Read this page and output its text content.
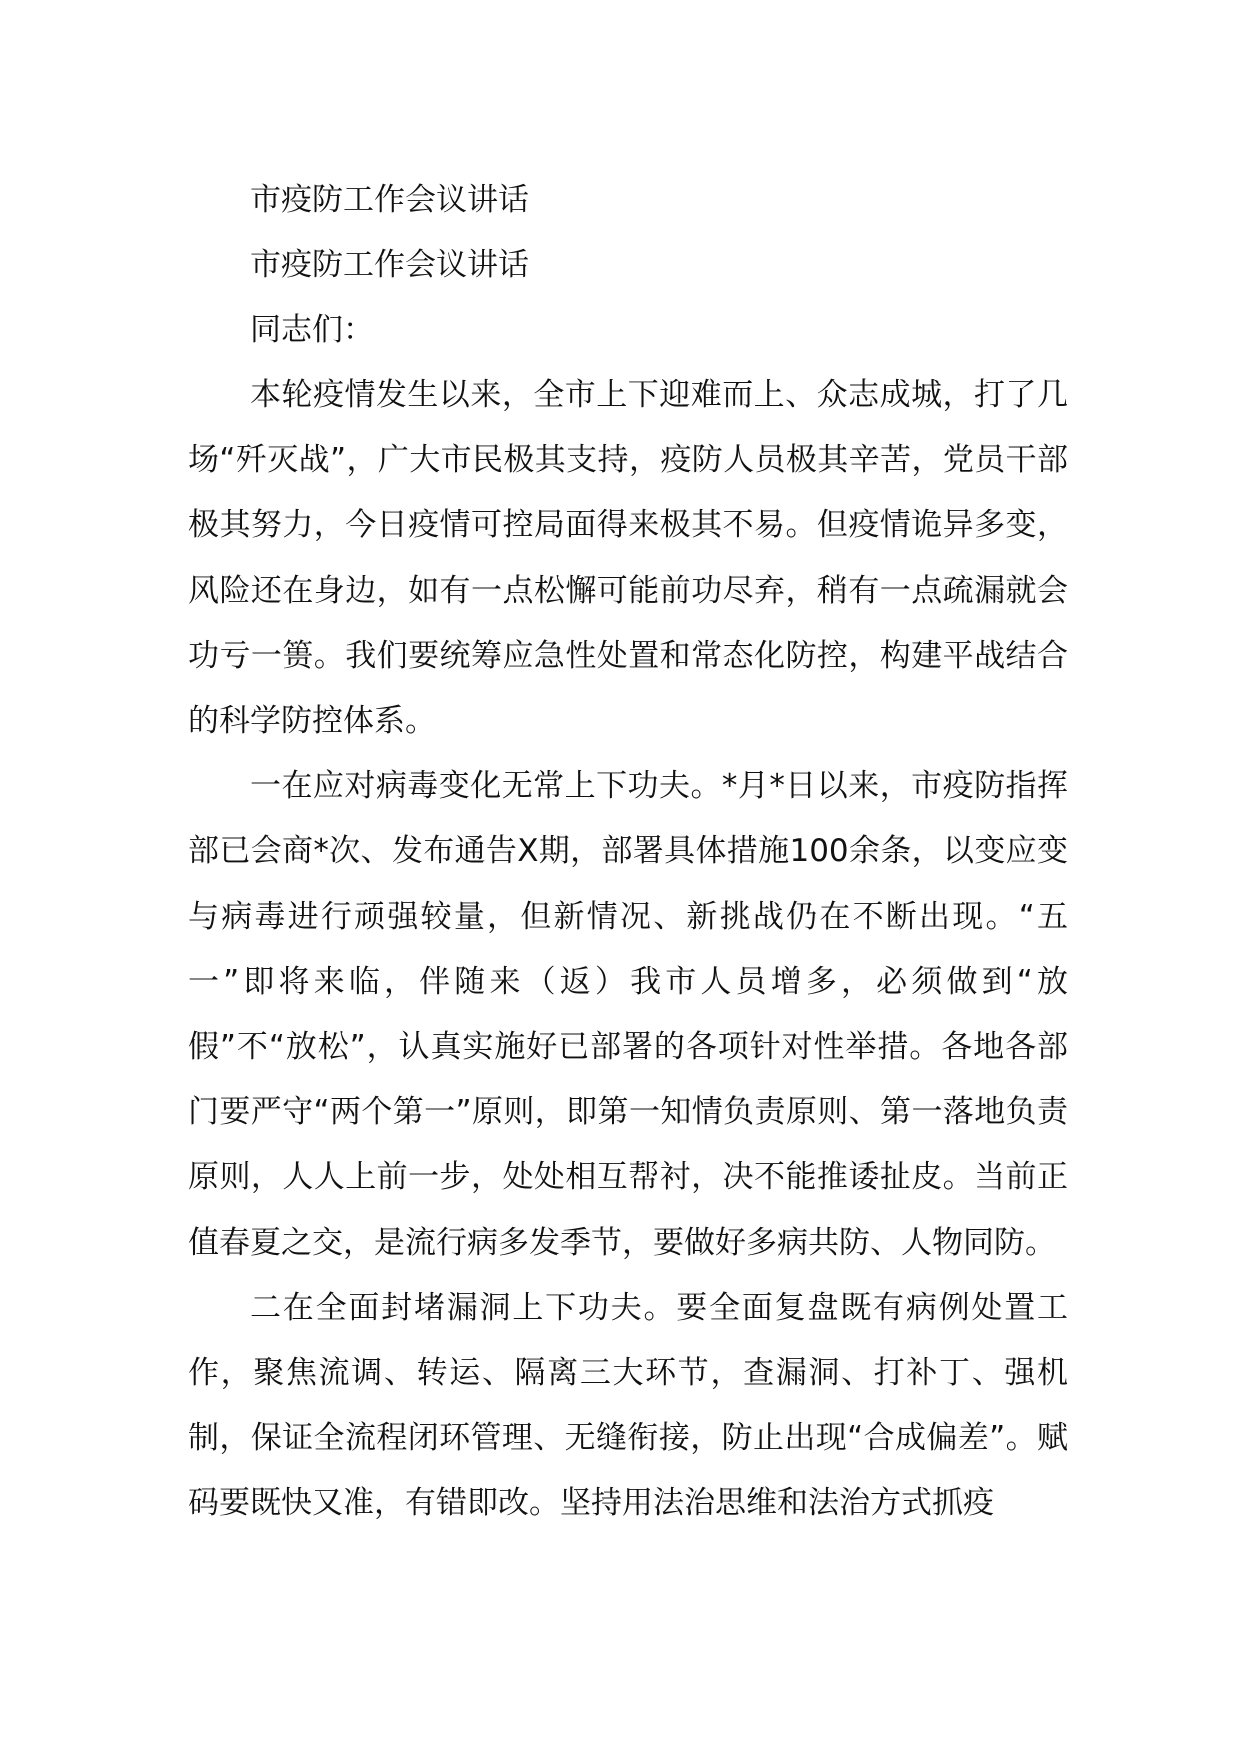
市疫防工作会议讲话

市疫防工作会议讲话

同志们：

本轮疫情发生以来，全市上下迎难而上、众志成城，打了几场“歼灭战”，广大市民极其支持，疫防人员极其辛苦，党员干部极其努力，今日疫情可控局面得来极其不易。但疫情诡异多变，风险还在身边，如有一点松懈可能前功尽弃，稍有一点疏漏就会功亏一篑。我们要统筹应急性处置和常态化防控，构建平战结合的科学防控体系。

一在应对病毒变化无常上下功夫。*月*日以来，市疫防指挥部已会商*次、发布通告X期，部署具体措施100余条，以变应变与病毒进行顽强较量，但新情况、新挑战仍在不断出现。“五一”即将来临，伴随来（返）我市人员增多，必须做到“放假”不“放松”，认真实施好已部署的各项针对性举措。各地各部门要严守“两个第一”原则，即第一知情负责原则、第一落地负责原则，人人上前一步，处处相互帮衬，决不能推诿扯皮。当前正值春夏之交，是流行病多发季节，要做好多病共防、人物同防。

二在全面封堵漏洞上下功夫。要全面复盘既有病例处置工作，聚焦流调、转运、隔离三大环节，查漏洞、打补丁、强机制，保证全流程闭环管理、无缝衔接，防止出现“合成偏差”。赋码要既快又准，有错即改。坚持用法治思维和法治方式抓疫
